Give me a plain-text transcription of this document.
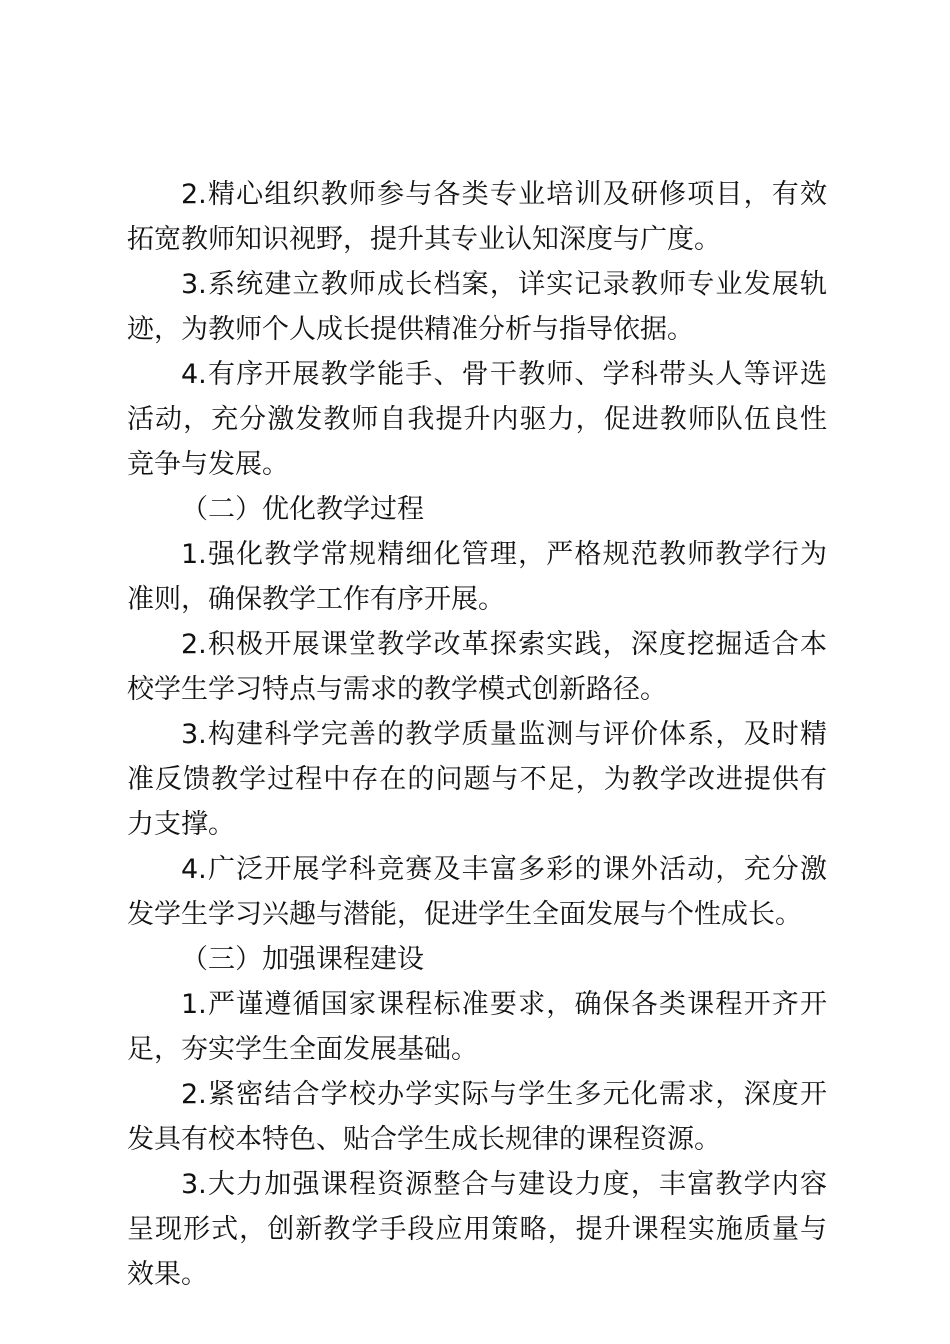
2.精心组织教师参与各类专业培训及研修项目，有效拓宽教师知识视野，提升其专业认知深度与广度。

3.系统建立教师成长档案，详实记录教师专业发展轨迹，为教师个人成长提供精准分析与指导依据。

4.有序开展教学能手、骨干教师、学科带头人等评选活动，充分激发教师自我提升内驱力，促进教师队伍良性竞争与发展。

（二）优化教学过程

1.强化教学常规精细化管理，严格规范教师教学行为准则，确保教学工作有序开展。

2.积极开展课堂教学改革探索实践，深度挖掘适合本校学生学习特点与需求的教学模式创新路径。

3.构建科学完善的教学质量监测与评价体系，及时精准反馈教学过程中存在的问题与不足，为教学改进提供有力支撑。

4.广泛开展学科竞赛及丰富多彩的课外活动，充分激发学生学习兴趣与潜能，促进学生全面发展与个性成长。

（三）加强课程建设

1.严谨遵循国家课程标准要求，确保各类课程开齐开足，夯实学生全面发展基础。

2.紧密结合学校办学实际与学生多元化需求，深度开发具有校本特色、贴合学生成长规律的课程资源。

3.大力加强课程资源整合与建设力度，丰富教学内容呈现形式，创新教学手段应用策略，提升课程实施质量与效果。
